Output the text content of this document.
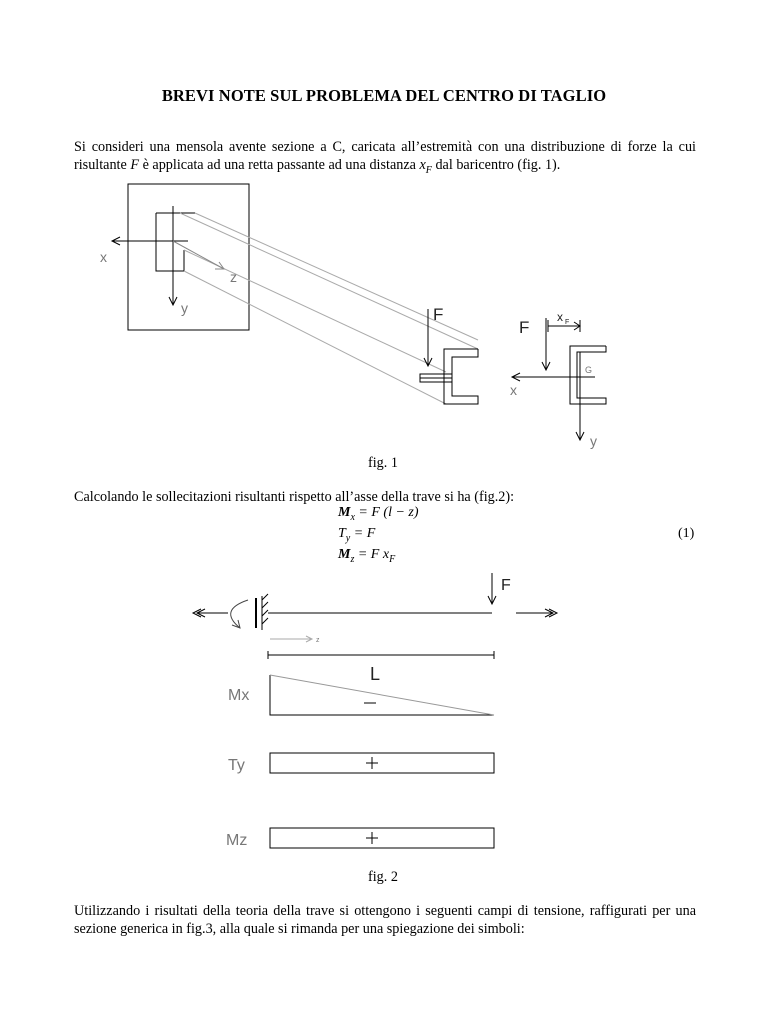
BREVI NOTE SUL PROBLEMA DEL CENTRO DI TAGLIO
Si consideri una mensola avente sezione a C, caricata all’estremità con una distribuzione di forze la cui risultante F è applicata ad una retta passante ad una distanza $x_F$ dal baricentro (fig. 1).
x
z
y	F
F
x F
G
x
y
fig. 1
Calcolando le sollecitazioni risultanti rispetto all’asse della trave si ha (fig.2):
$M_x = F$ (l − z)
$T_y = F$
$M_z = F$ $x_F$
(1)
F
z
L
Mx
Ty
Mz
fig. 2
Utilizzando i risultati della teoria della trave si ottengono i seguenti campi di tensione, raffigurati per una sezione generica in fig.3, alla quale si rimanda per una spiegazione dei simboli:
